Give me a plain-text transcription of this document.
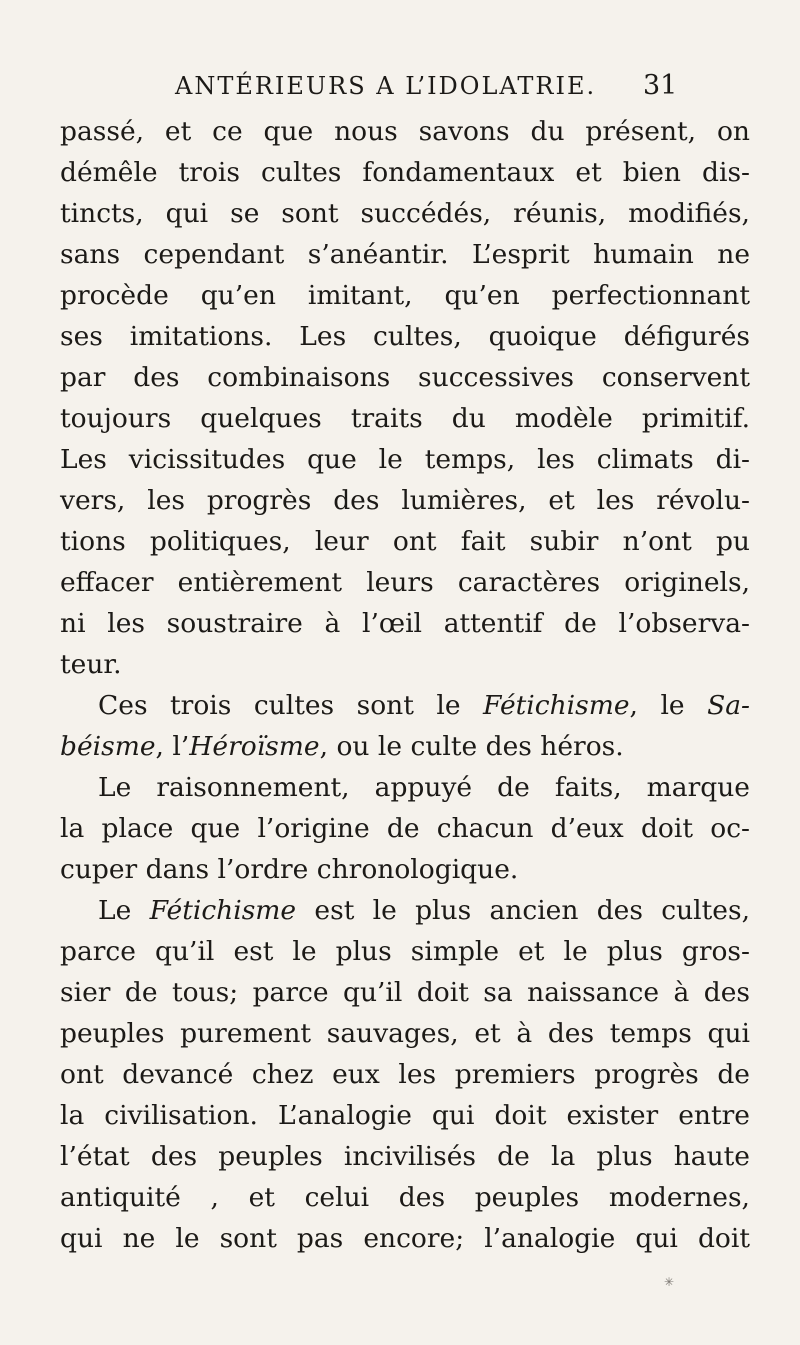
ANTÉRIEURS A L’IDOLATRIE.	31
passé, et ce que nous savons du présent, on
démêle trois cultes fondamentaux et bien dis-
tincts, qui se sont succédés, réunis, modifiés,
sans cependant s’anéantir. L’esprit humain ne
procède qu’en imitant, qu’en perfectionnant
ses imitations. Les cultes, quoique défigurés
par des combinaisons successives conservent
toujours quelques traits du modèle primitif.
Les vicissitudes que le temps, les climats di-
vers, les progrès des lumières, et les révolu-
tions politiques, leur ont fait subir n’ont pu
effacer entièrement leurs caractères originels,
ni les soustraire à l’œil attentif de l’observa-
teur.
Ces trois cultes sont le Fétichisme, le Sa-
béisme, l’Héroïsme, ou le culte des héros.
Le raisonnement, appuyé de faits, marque
la place que l’origine de chacun d’eux doit oc-
cuper dans l’ordre chronologique.
Le Fétichisme est le plus ancien des cultes,
parce qu’il est le plus simple et le plus gros-
sier de tous; parce qu’il doit sa naissance à des
peuples purement sauvages, et à des temps qui
ont devancé chez eux les premiers progrès de
la civilisation. L’analogie qui doit exister entre
l’état des peuples incivilisés de la plus haute
antiquité , et celui des peuples modernes,
qui ne le sont pas encore; l’analogie qui doit
✳
